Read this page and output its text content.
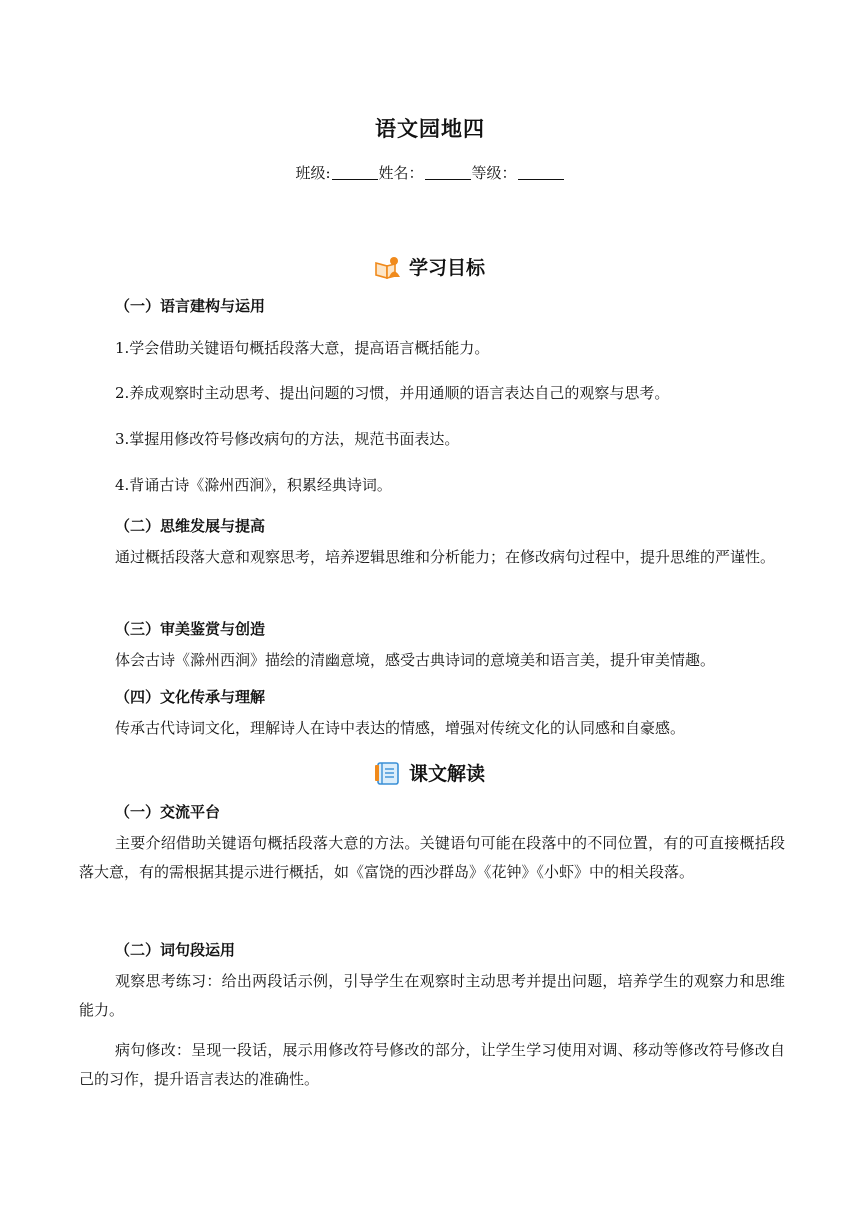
语文园地四
班级:	姓名：	等级：
学习目标
（一）语言建构与运用
1.学会借助关键语句概括段落大意，提高语言概括能力。
2.养成观察时主动思考、提出问题的习惯，并用通顺的语言表达自己的观察与思考。
3.掌握用修改符号修改病句的方法，规范书面表达。
4.背诵古诗《滁州西涧》，积累经典诗词。
（二）思维发展与提高
通过概括段落大意和观察思考，培养逻辑思维和分析能力；在修改病句过程中，提升思维的严谨性。
（三）审美鉴赏与创造
体会古诗《滁州西涧》描绘的清幽意境，感受古典诗词的意境美和语言美，提升审美情趣。
（四）文化传承与理解
传承古代诗词文化，理解诗人在诗中表达的情感，增强对传统文化的认同感和自豪感。
课文解读
（一）交流平台
主要介绍借助关键语句概括段落大意的方法。关键语句可能在段落中的不同位置，有的可直接概括段落大意，有的需根据其提示进行概括，如《富饶的西沙群岛》《花钟》《小虾》中的相关段落。
（二）词句段运用
观察思考练习：给出两段话示例，引导学生在观察时主动思考并提出问题，培养学生的观察力和思维能力。
病句修改：呈现一段话，展示用修改符号修改的部分，让学生学习使用对调、移动等修改符号修改自己的习作，提升语言表达的准确性。
